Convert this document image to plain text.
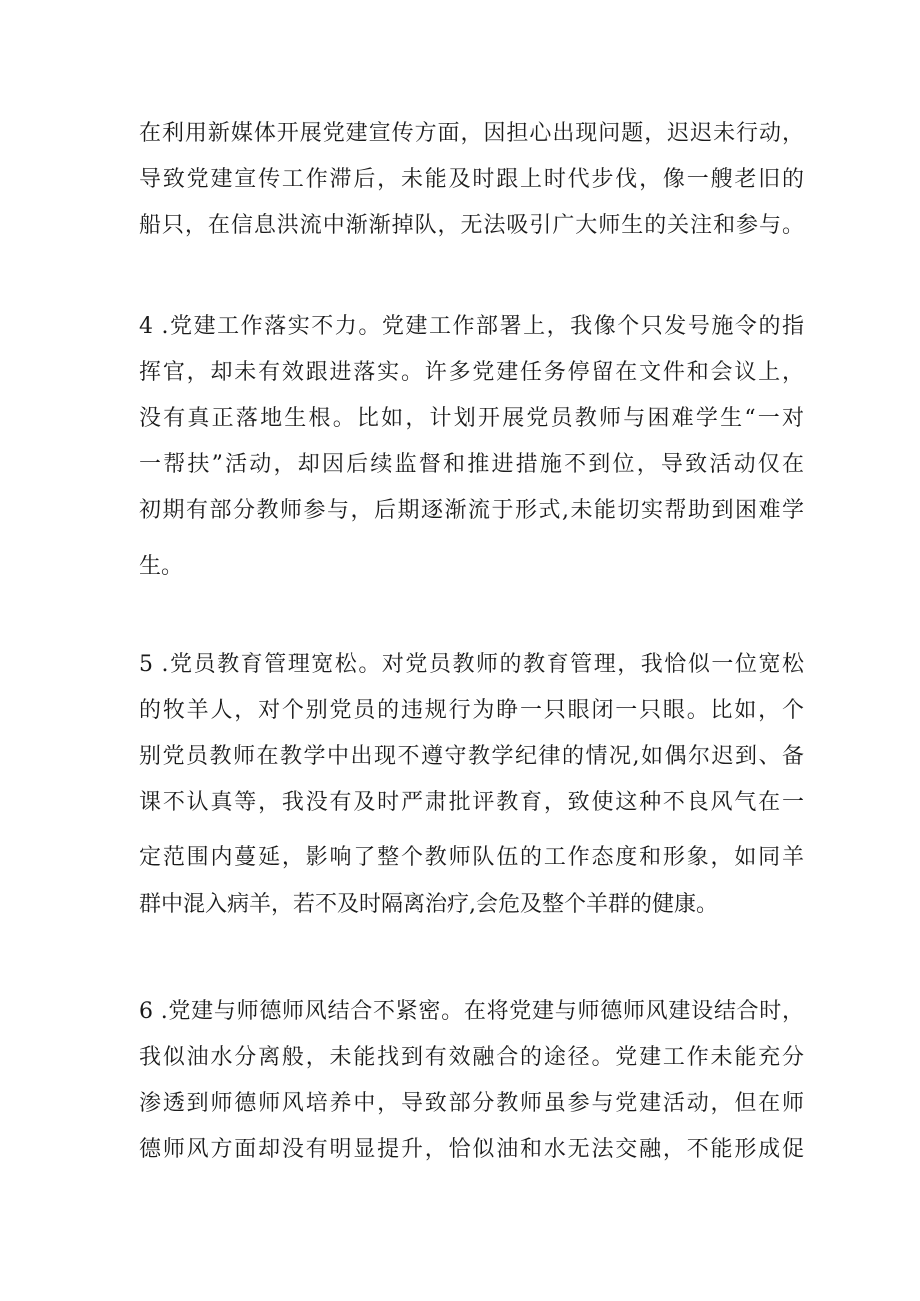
在利用新媒体开展党建宣传方面，因担心出现问题，迟迟未行动，
导致党建宣传工作滞后，未能及时跟上时代步伐，像一艘老旧的
船只，在信息洪流中渐渐掉队，无法吸引广大师生的关注和参与。
4 .党建工作落实不力。党建工作部署上，我像个只发号施令的指
挥官，却未有效跟进落实。许多党建任务停留在文件和会议上，
没有真正落地生根。比如，计划开展党员教师与困难学生“一对
一帮扶”活动，却因后续监督和推进措施不到位，导致活动仅在
初期有部分教师参与，后期逐渐流于形式,未能切实帮助到困难学
生。
5 .党员教育管理宽松。对党员教师的教育管理，我恰似一位宽松
的牧羊人，对个别党员的违规行为睁一只眼闭一只眼。比如，个
别党员教师在教学中出现不遵守教学纪律的情况,如偶尔迟到、备
课不认真等，我没有及时严肃批评教育，致使这种不良风气在一
定范围内蔓延，影响了整个教师队伍的工作态度和形象，如同羊
群中混入病羊，若不及时隔离治疗,会危及整个羊群的健康。
6 .党建与师德师风结合不紧密。在将党建与师德师风建设结合时，
我似油水分离般，未能找到有效融合的途径。党建工作未能充分
渗透到师德师风培养中，导致部分教师虽参与党建活动，但在师
德师风方面却没有明显提升，恰似油和水无法交融，不能形成促
